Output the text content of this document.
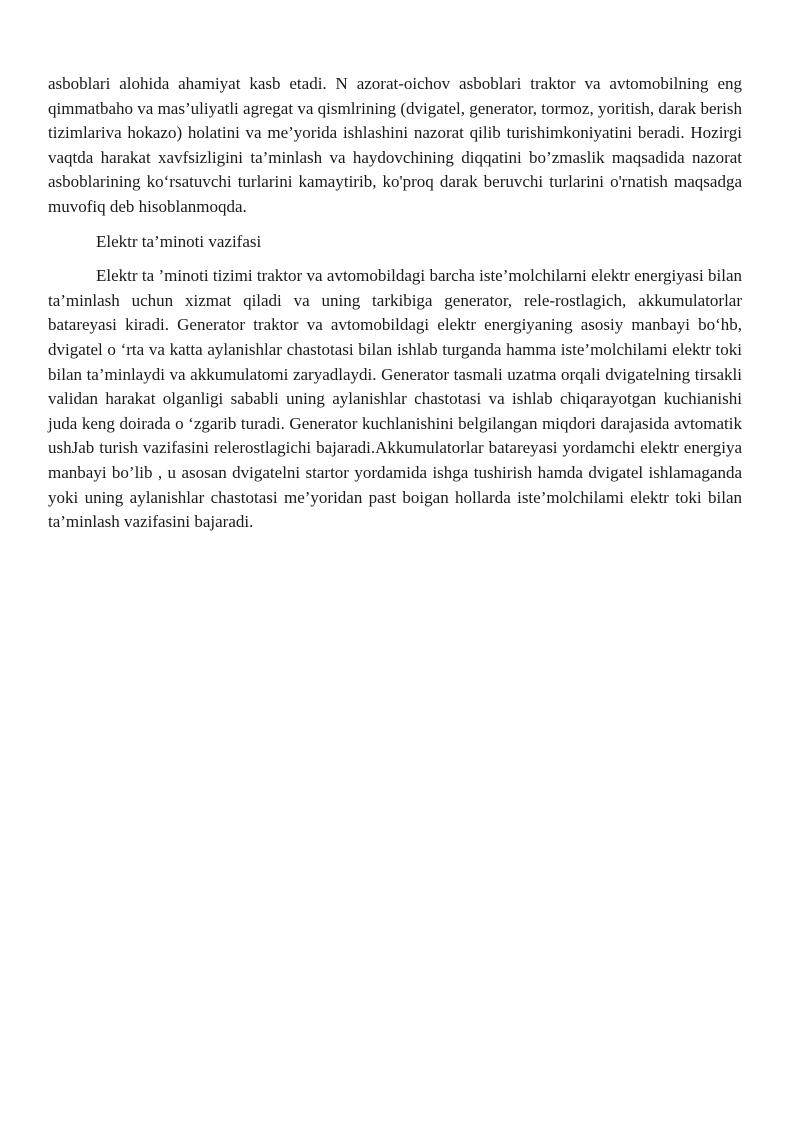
asboblari alohida ahamiyat kasb etadi. N azorat-oichov asboblari traktor va avtomobilning eng qimmatbaho va mas’uliyatli agregat va qismlrining (dvigatel, generator, tormoz, yoritish, darak berish tizimlariva hokazo) holatini va me’yorida ishlashini nazorat qilib turishimkoniyatini beradi. Hozirgi vaqtda harakat xavfsizligini ta’minlash va haydovchining diqqatini bo’zmaslik maqsadida nazorat asboblarining ko‘rsatuvchi turlarini kamaytirib, ko'proq darak beruvchi turlarini o'rnatish maqsadga muvofiq deb hisoblanmoqda.

Elektr ta’minoti vazifasi

Elektr ta ’minoti tizimi traktor va avtomobildagi barcha iste’molchilarni elektr energiyasi bilan ta’minlash uchun xizmat qiladi va uning tarkibiga generator, rele-rostlagich, akkumulatorlar batareyasi kiradi. Generator traktor va avtomobildagi elektr energiyaning asosiy manbayi bo‘hb, dvigatel o ‘rta va katta aylanishlar chastotasi bilan ishlab turganda hamma iste’molchilami elektr toki bilan ta’minlaydi va akkumulatomi zaryadlaydi. Generator tasmali uzatma orqali dvigatelning tirsakli validan harakat olganligi sababli uning aylanishlar chastotasi va ishlab chiqarayotgan kuchianishi juda keng doirada o ‘zgarib turadi. Generator kuchlanishini belgilangan miqdori darajasida avtomatik ushJab turish vazifasini relerostlagichi bajaradi.Akkumulatorlar batareyasi yordamchi elektr energiya manbayi bo’lib , u asosan dvigatelni startor yordamida ishga tushirish hamda dvigatel ishlamaganda yoki uning aylanishlar chastotasi me’yoridan past boigan hollarda iste’molchilami elektr toki bilan ta’minlash vazifasini bajaradi.
